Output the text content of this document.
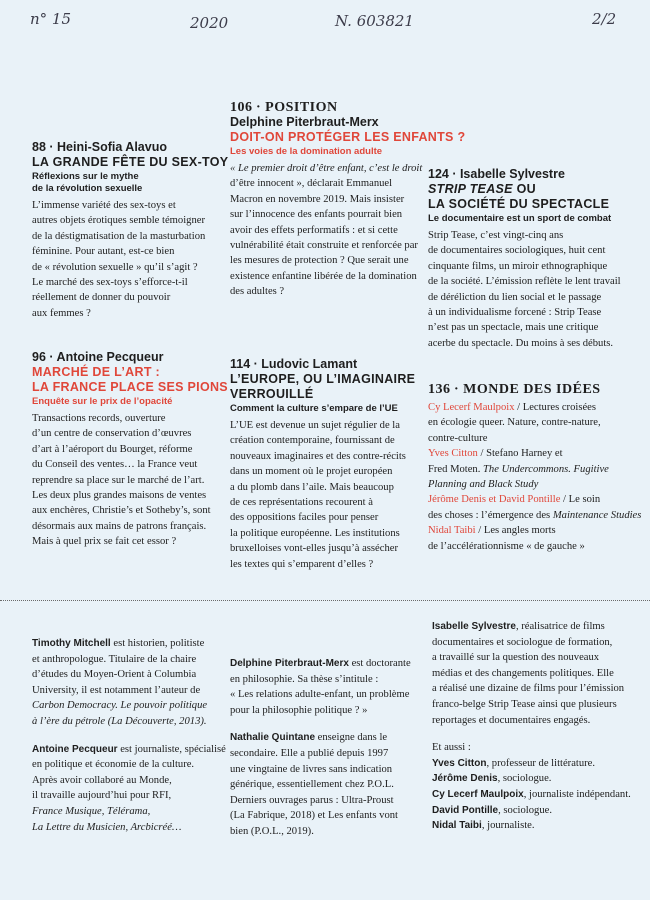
n° 15	2020	N. 603821	2/2
88 · Heini-Sofia Alavuo
LA GRANDE FÊTE DU SEX-TOY
Réflexions sur le mythe
de la révolution sexuelle
L’immense variété des sex-toys et
autres objets érotiques semble témoigner
de la déstigmatisation de la masturbation
féminine. Pour autant, est-ce bien
de « révolution sexuelle » qu’il s’agit ?
Le marché des sex-toys s’efforce-t-il
réellement de donner du pouvoir
aux femmes ?
96 · Antoine Pecqueur
MARCHÉ DE L’ART :
LA FRANCE PLACE SES PIONS
Enquête sur le prix de l’opacité
Transactions records, ouverture
d’un centre de conservation d’œuvres
d’art à l’aéroport du Bourget, réforme
du Conseil des ventes… la France veut
reprendre sa place sur le marché de l’art.
Les deux plus grandes maisons de ventes
aux enchères, Christie’s et Sotheby’s, sont
désormais aux mains de patrons français.
Mais à quel prix se fait cet essor ?
106 · POSITION
Delphine Piterbraut-Merx
DOIT-ON PROTÉGER LES ENFANTS ?
Les voies de la domination adulte
« Le premier droit d’être enfant, c’est le droit
d’être innocent », déclarait Emmanuel
Macron en novembre 2019. Mais insister
sur l’innocence des enfants pourrait bien
avoir des effets performatifs : et si cette
vulnérabilité était construite et renforcée par
les mesures de protection ? Que serait une
existence enfantine libérée de la domination
des adultes ?
114 · Ludovic Lamant
L’EUROPE, OU L’IMAGINAIRE
VERROUILLÉ
Comment la culture s’empare de l’UE
L’UE est devenue un sujet régulier de la
création contemporaine, fournissant de
nouveaux imaginaires et des contre-récits
dans un moment où le projet européen
a du plomb dans l’aile. Mais beaucoup
de ces représentations recourent à
des oppositions faciles pour penser
la politique européenne. Les institutions
bruxelloises vont-elles jusqu’à assécher
les textes qui s’emparent d’elles ?
124 · Isabelle Sylvestre
STRIP TEASE OU
LA SOCIÉTÉ DU SPECTACLE
Le documentaire est un sport de combat
Strip Tease, c’est vingt-cinq ans
de documentaires sociologiques, huit cent
cinquante films, un miroir ethnographique
de la société. L’émission reflète le lent travail
de déréliction du lien social et le passage
à un individualisme forcené : Strip Tease
n’est pas un spectacle, mais une critique
acerbe du spectacle. Du moins à ses débuts.
136 · MONDE DES IDÉES
Cy Lecerf Maulpoix / Lectures croisées
en écologie queer. Nature, contre-nature,
contre-culture
Yves Citton / Stefano Harney et
Fred Moten. The Undercommons. Fugitive
Planning and Black Study
Jérôme Denis et David Pontille / Le soin
des choses : l’émergence des Maintenance Studies
Nidal Taibi / Les angles morts
de l’accélérationnisme « de gauche »

Timothy Mitchell est historien, politiste
et anthropologue. Titulaire de la chaire
d’études du Moyen-Orient à Columbia
University, il est notamment l’auteur de
Carbon Democracy. Le pouvoir politique
à l’ère du pétrole (La Découverte, 2013).

Antoine Pecqueur est journaliste, spécialisé
en politique et économie de la culture.
Après avoir collaboré au Monde,
il travaille aujourd’hui pour RFI,
France Musique, Télérama,
La Lettre du Musicien, Arcbicréé…

Delphine Piterbraut-Merx est doctorante
en philosophie. Sa thèse s’intitule :
« Les relations adulte-enfant, un problème
pour la philosophie politique ? »

Nathalie Quintane enseigne dans le
secondaire. Elle a publié depuis 1997
une vingtaine de livres sans indication
générique, essentiellement chez P.O.L.
Derniers ouvrages parus : Ultra-Proust
(La Fabrique, 2018) et Les enfants vont
bien (P.O.L., 2019).

Isabelle Sylvestre, réalisatrice de films
documentaires et sociologue de formation,
a travaillé sur la question des nouveaux
médias et des changements politiques. Elle
a réalisé une dizaine de films pour l’émission
franco-belge Strip Tease ainsi que plusieurs
reportages et documentaires engagés.

Et aussi :
Yves Citton, professeur de littérature.
Jérôme Denis, sociologue.
Cy Lecerf Maulpoix, journaliste indépendant.
David Pontille, sociologue.
Nidal Taibi, journaliste.
